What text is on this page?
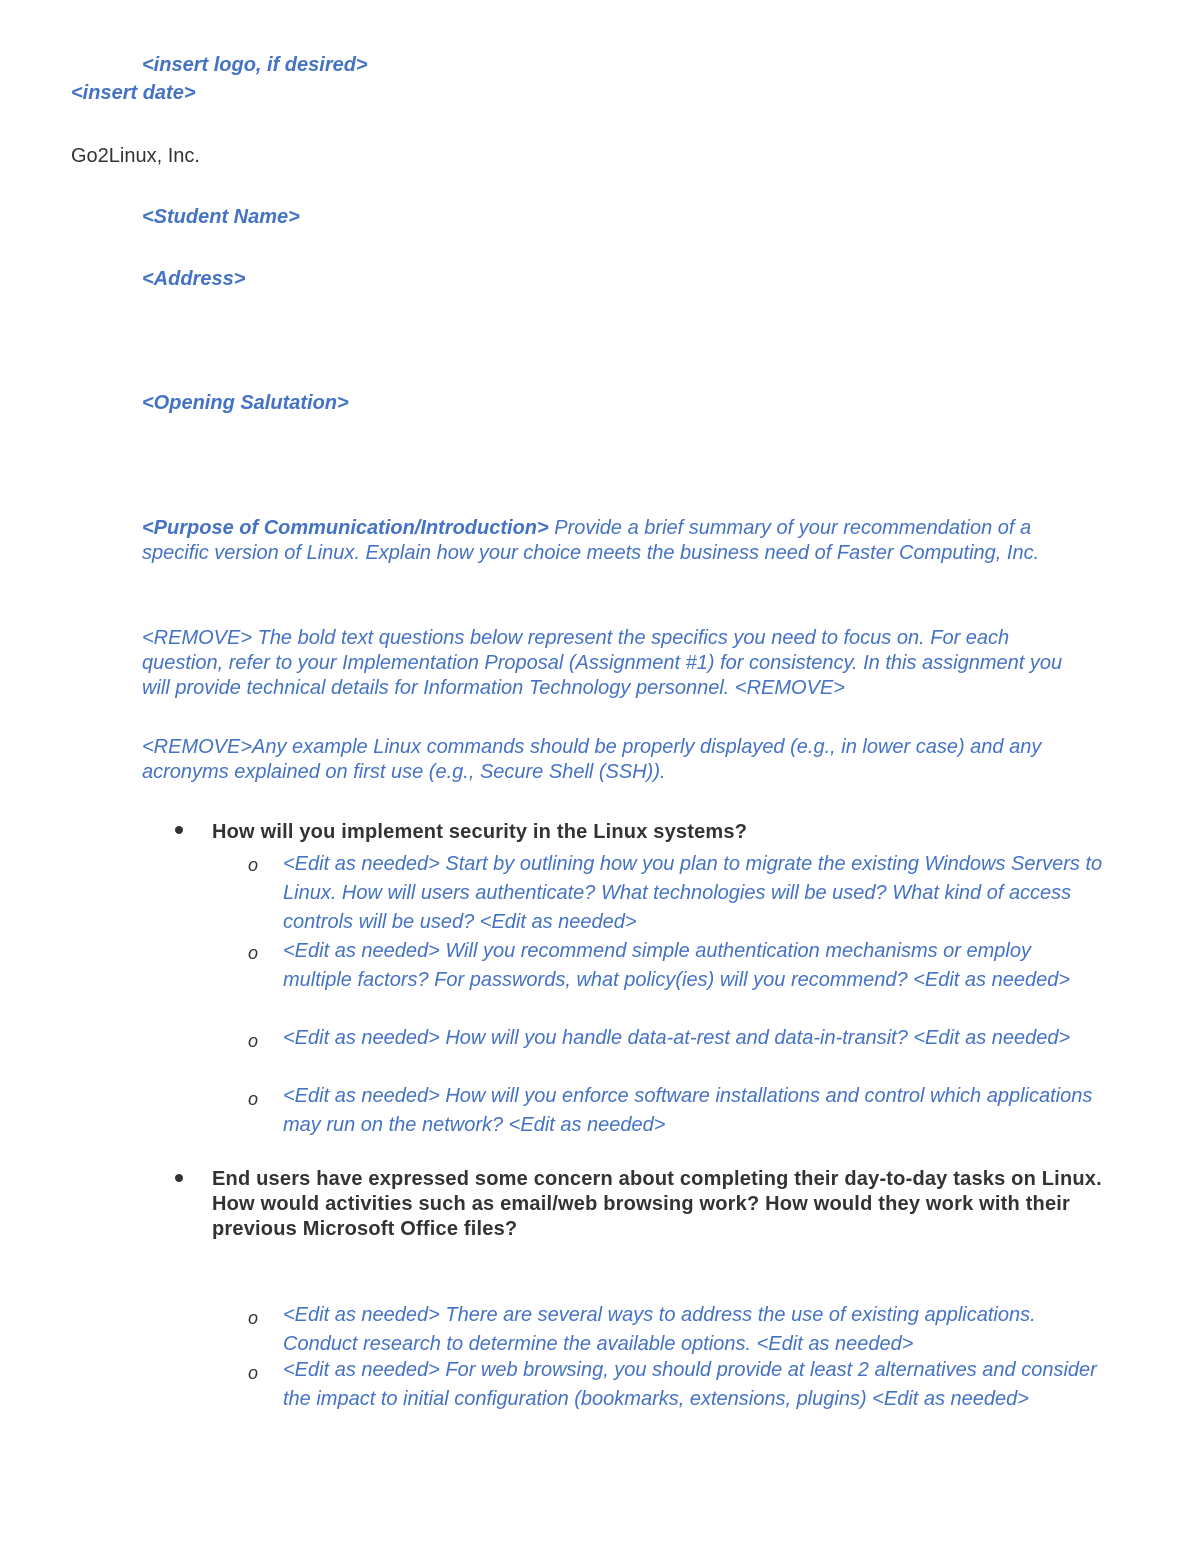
<insert logo, if desired>
<insert date>
Go2Linux, Inc.
<Student Name>
<Address>
<Opening Salutation>
<Purpose of Communication/Introduction> Provide a brief summary of your recommendation of a specific version of Linux. Explain how your choice meets the business need of Faster Computing, Inc.
<REMOVE> The bold text questions below represent the specifics you need to focus on. For each question, refer to your Implementation Proposal (Assignment #1) for consistency. In this assignment you will provide technical details for Information Technology personnel. <REMOVE>
<REMOVE>Any example Linux commands should be properly displayed (e.g., in lower case) and any acronyms explained on first use (e.g., Secure Shell (SSH)).
How will you implement security in the Linux systems?
o <Edit as needed> Start by outlining how you plan to migrate the existing Windows Servers to Linux. How will users authenticate? What technologies will be used? What kind of access controls will be used? <Edit as needed>
o <Edit as needed> Will you recommend simple authentication mechanisms or employ multiple factors? For passwords, what policy(ies) will you recommend? <Edit as needed>
o <Edit as needed> How will you handle data-at-rest and data-in-transit? <Edit as needed>
o <Edit as needed> How will you enforce software installations and control which applications may run on the network? <Edit as needed>
End users have expressed some concern about completing their day-to-day tasks on Linux. How would activities such as email/web browsing work? How would they work with their previous Microsoft Office files?
o <Edit as needed> There are several ways to address the use of existing applications. Conduct research to determine the available options. <Edit as needed>
o <Edit as needed> For web browsing, you should provide at least 2 alternatives and consider the impact to initial configuration (bookmarks, extensions, plugins) <Edit as needed>
